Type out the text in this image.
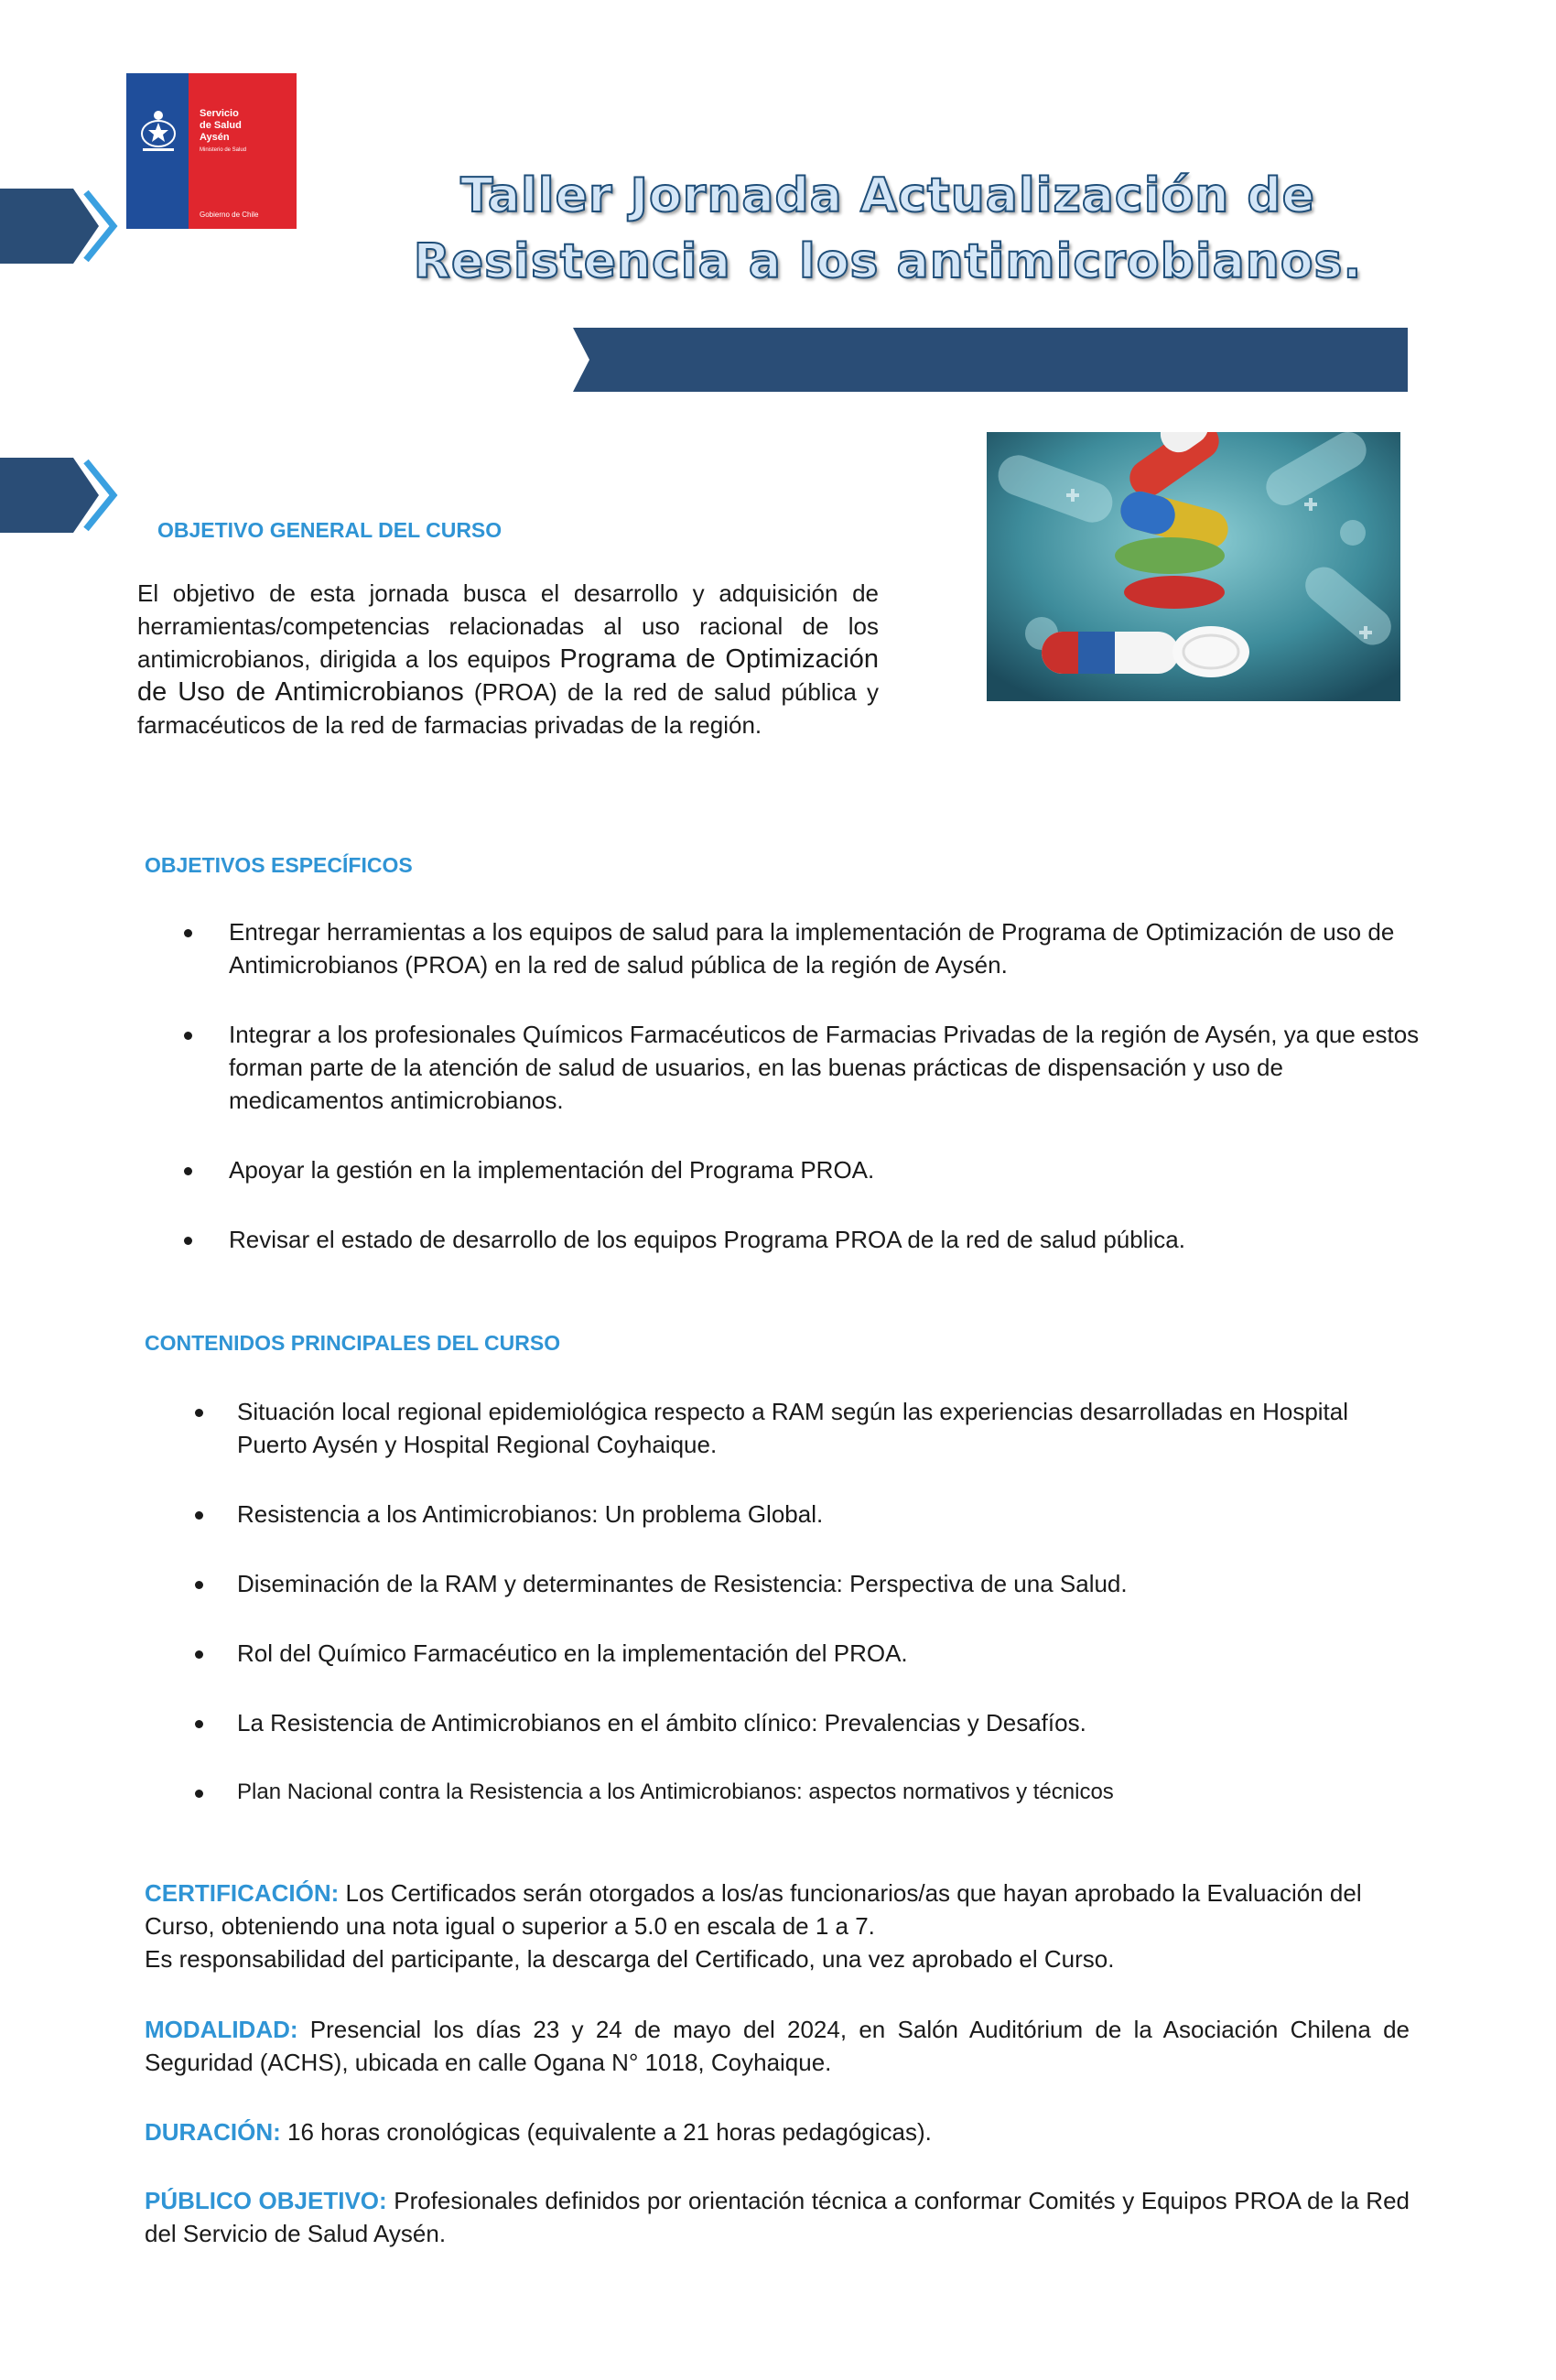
Servicio
de Salud
Aysén
Ministerio de Salud
Gobierno de Chile	Taller Jornada Actualización de
Resistencia a los antimicrobianos.
OBJETIVO GENERAL DEL CURSO
El objetivo de esta jornada busca el desarrollo y adquisición de herramientas/competencias relacionadas al uso racional de los antimicrobianos, dirigida a los equipos Programa de Optimización de Uso de Antimicrobianos (PROA) de la red de salud pública y farmacéuticos de la red de farmacias privadas de la región.
OBJETIVOS ESPECÍFICOS
Entregar herramientas a los equipos de salud para la implementación de Programa de Optimización de uso de Antimicrobianos (PROA) en la red de salud pública de la región de Aysén.
Integrar a los profesionales Químicos Farmacéuticos de Farmacias Privadas de la región de Aysén, ya que estos forman parte de la atención de salud de usuarios, en las buenas prácticas de dispensación y uso de medicamentos antimicrobianos.
Apoyar la gestión en la implementación del Programa PROA.
Revisar el estado de desarrollo de los equipos Programa PROA de la red de salud pública.
CONTENIDOS PRINCIPALES DEL CURSO
Situación local regional epidemiológica respecto a RAM según las experiencias desarrolladas en Hospital Puerto Aysén y Hospital Regional Coyhaique.
Resistencia a los Antimicrobianos: Un problema Global.
Diseminación de la RAM y determinantes de Resistencia: Perspectiva de una Salud.
Rol del Químico Farmacéutico en la implementación del PROA.
La Resistencia de Antimicrobianos en el ámbito clínico: Prevalencias y Desafíos.
Plan Nacional contra la Resistencia a los Antimicrobianos: aspectos normativos y técnicos
CERTIFICACIÓN: Los Certificados serán otorgados a los/as funcionarios/as que hayan aprobado la Evaluación del Curso, obteniendo una nota igual o superior a 5.0 en escala de 1 a 7.
Es responsabilidad del participante, la descarga del Certificado, una vez aprobado el Curso.
MODALIDAD: Presencial los días 23 y 24 de mayo del 2024, en Salón Auditórium de la Asociación Chilena de Seguridad (ACHS), ubicada en calle Ogana N° 1018, Coyhaique.
DURACIÓN: 16 horas cronológicas (equivalente a 21 horas pedagógicas).
PÚBLICO OBJETIVO: Profesionales definidos por orientación técnica a conformar Comités y Equipos PROA de la Red del Servicio de Salud Aysén.
